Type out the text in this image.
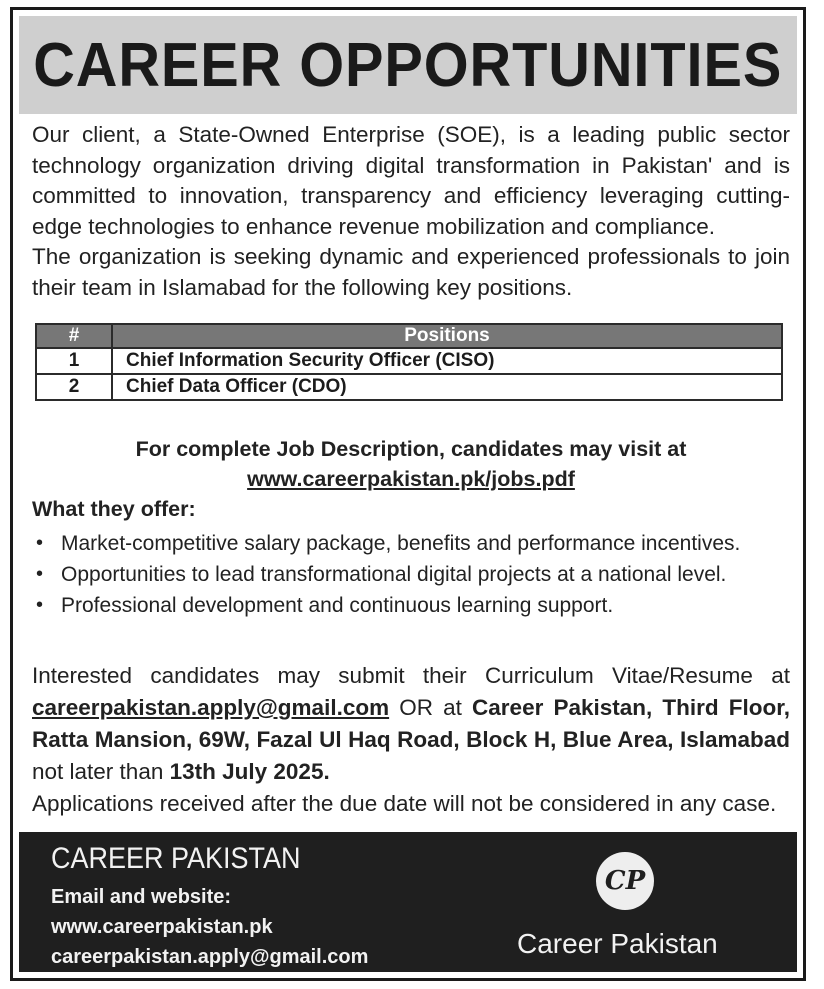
CAREER OPPORTUNITIES

Our client, a State-Owned Enterprise (SOE), is a leading public sector technology organization driving digital transformation in Pakistan' and is committed to innovation, transparency and efficiency leveraging cutting-edge technologies to enhance revenue mobilization and compliance.

The organization is seeking dynamic and experienced professionals to join their team in Islamabad for the following key positions.

#	Positions
1	Chief Information Security Officer (CISO)
2	Chief Data Officer (CDO)
For complete Job Description, candidates may visit at
www.careerpakistan.pk/jobs.pdf
What they offer:
• Market-competitive salary package, benefits and performance incentives.
• Opportunities to lead transformational digital projects at a national level.
• Professional development and continuous learning support.

Interested candidates may submit their Curriculum Vitae/Resume at careerpakistan.apply@gmail.com OR at Career Pakistan, Third Floor, Ratta Mansion, 69W, Fazal Ul Haq Road, Block H, Blue Area, Islamabad not later than 13th July 2025.

Applications received after the due date will not be considered in any case.

CAREER PAKISTAN
Email and website:
www.careerpakistan.pk
careerpakistan.apply@gmail.com
CP
Career Pakistan
